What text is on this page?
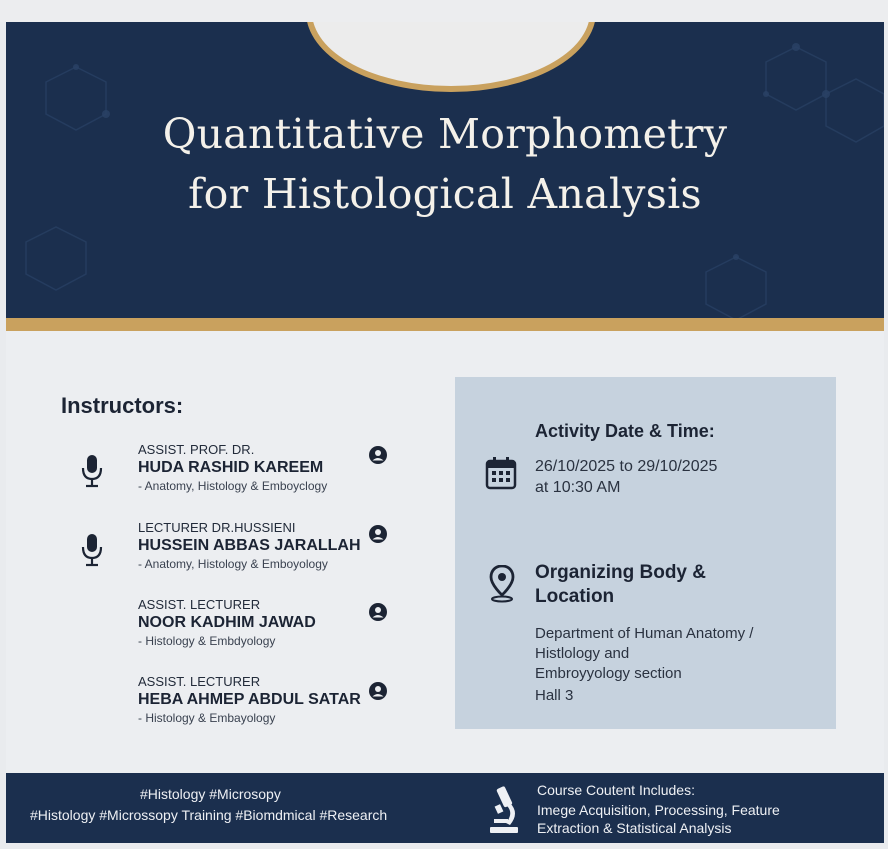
Quantitative Morphometry
for Histological Analysis
Instructors:
ASSIST. PROF. DR.
HUDA RASHID KAREEM
- Anatomy, Histology & Emboyclogy
LECTURER DR.HUSSIENI
HUSSEIN ABBAS JARALLAH
- Anatomy, Histology & Emboyology
ASSIST. LECTURER
NOOR KADHIM JAWAD
- Histology & Embdyology
ASSIST. LECTURER
HEBA AHMEP ABDUL SATAR
- Histology & Embayology
Activity Date & Time:
26/10/2025 to 29/10/2025
at 10:30 AM
Organizing Body &
Location
Department of Human Anatomy /
Histlology and
Embroyyology section
Hall 3
#Histology #Microsopy
#Histology #Microssopy Training #Biomdmical #Research
Course Coutent Includes:
Imege Acquisition, Processing, Feature
Extraction & Statistical Analysis
